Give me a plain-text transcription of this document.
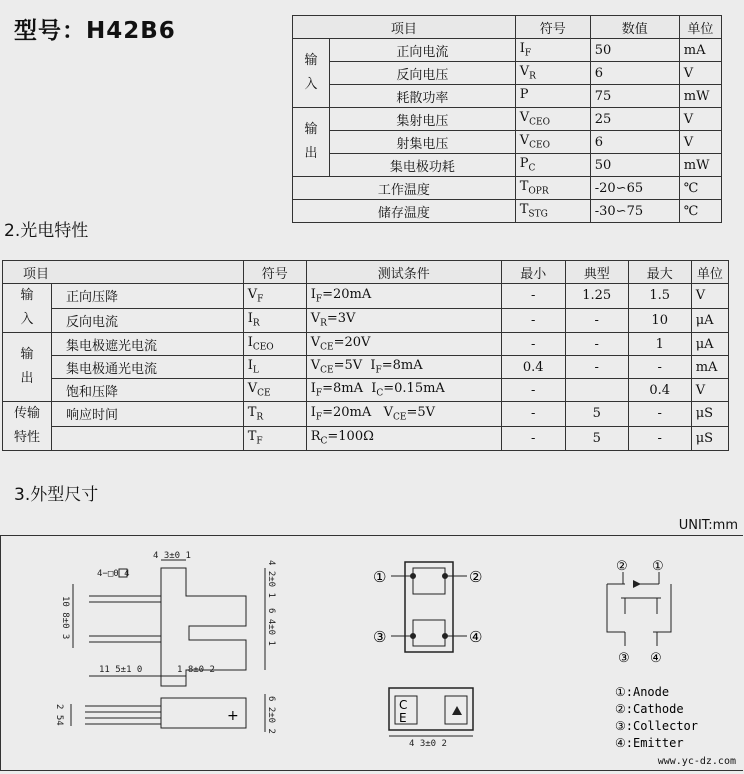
型号：H42B6	项目		符号	数值	单位
输
入	正向电流	$I_F$	50	mA
	反向电压	$V_R$	6	V
	耗散功率	P	75	mW
输
出	集射电压	$V_{CEO}$	25	V
	射集电压	$V_{CEO}$	6	V
	集电极功耗	$P_C$	50	mW
工作温度		$T_{OPR}$	-20∽65	℃
储存温度		$T_{STG}$	-30∽75	℃
2.光电特性
项目		符号	测试条件	最小	典型	最大	单位
输
入	正向压降	$V_F$	$I_F=20mA$	-	1.25	1.5	V
	反向电流	$I_R$	$V_R=3V$	-	-	10	μA
输
出	集电极遮光电流	$I_{CEO}$	$V_{CE}=20V$	-	-	1	μA
	集电极通光电流	$I_L$	$V_{CE}=5V$  $I_F=8mA$	0.4	-	-	mA
	饱和压降	$V_{CE}$	$I_F=8mA$  $I_C=0.15mA$	-		0.4	V
传输
特性	响应时间	$T_R$	$I_F=20mA$   $V_{CE}=5V$	-	5	-	μS
		$T_F$	$R_C=100\Omega$	-	5	-	μS
3.外型尺寸
UNIT:mm
4 3±0 1
4−□0 4	4 2±0 1
6 4±0 1
10 8±0 3
11 5±1 0	1 8±0 2
2 54	6 2±0 2
4 3±0 2
+
C
E
①	②
③	④
② ①
③ ④
①:Anode
②:Cathode
③:Collector
④:Emitter
www.yc-dz.com
